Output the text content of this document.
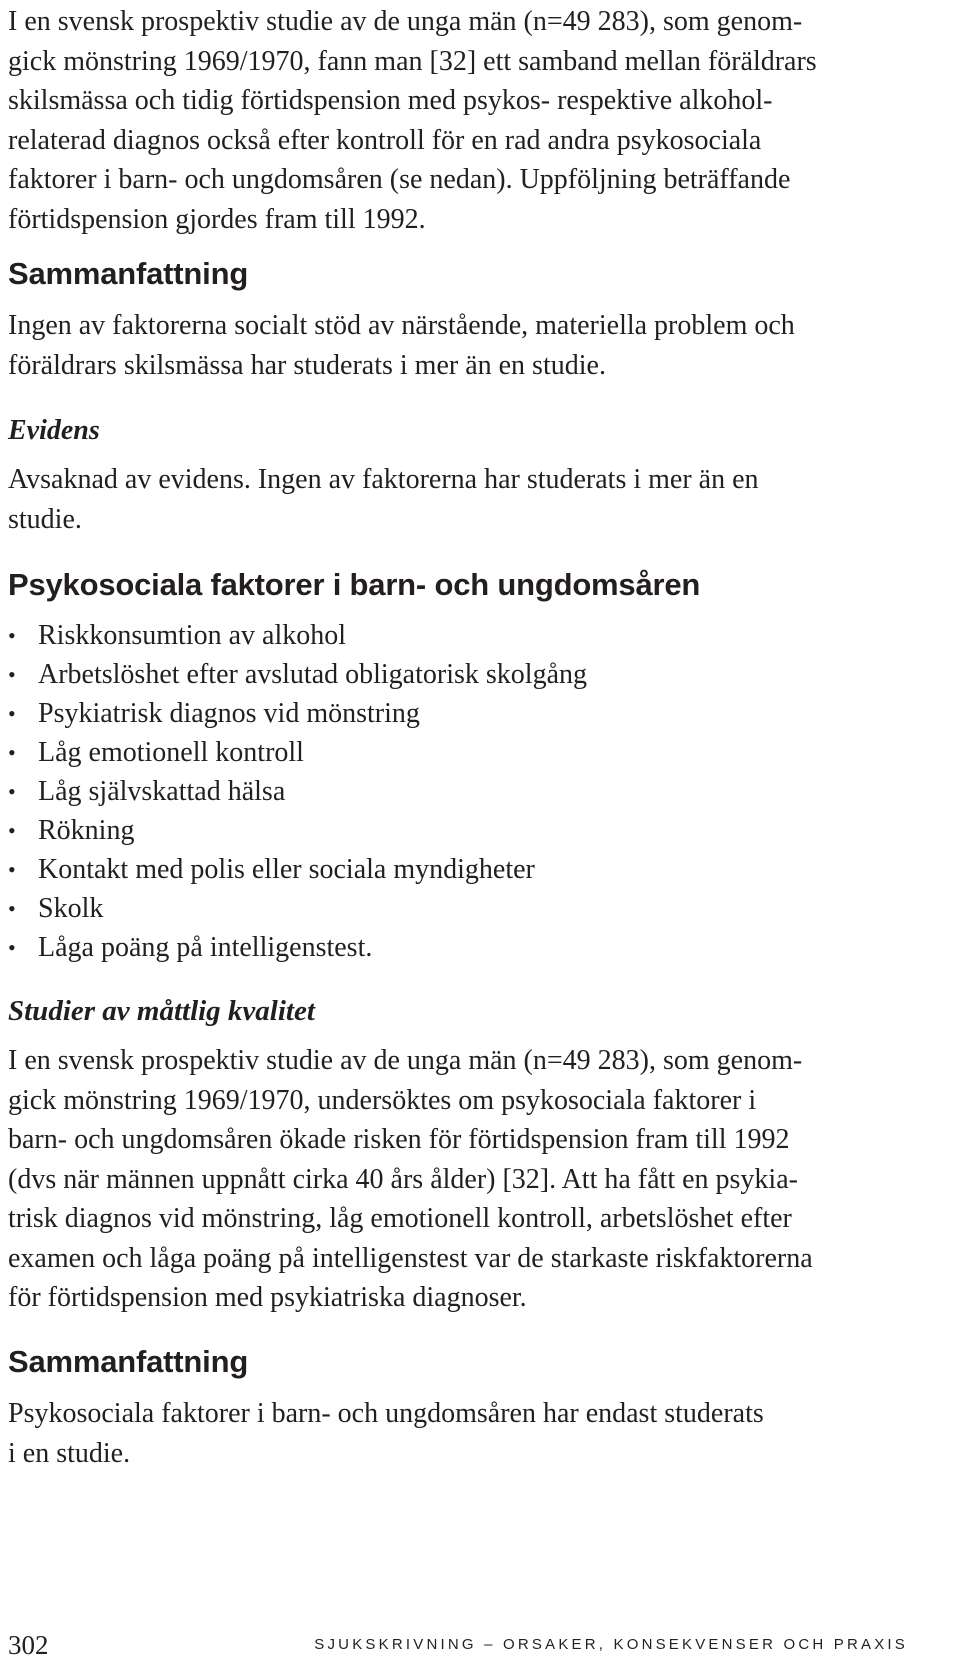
I en svensk prospektiv studie av de unga män (n=49 283), som genom-

gick mönstring 1969/1970, fann man [32] ett samband mellan föräldrars

skilsmässa och tidig förtidspension med psykos- respektive alkohol-

relaterad diagnos också efter kontroll för en rad andra psykosociala

faktorer i barn- och ungdomsåren (se nedan). Uppföljning beträffande

förtidspension gjordes fram till 1992.

Sammanfattning

Ingen av faktorerna socialt stöd av närstående, materiella problem och

föräldrars skilsmässa har studerats i mer än en studie.

Evidens

Avsaknad av evidens. Ingen av faktorerna har studerats i mer än en

studie.

Psykosociala faktorer i barn- och ungdomsåren
• Riskkonsumtion av alkohol
• Arbetslöshet efter avslutad obligatorisk skolgång
• Psykiatrisk diagnos vid mönstring
• Låg emotionell kontroll
• Låg självskattad hälsa
• Rökning
• Kontakt med polis eller sociala myndigheter
• Skolk
• Låga poäng på intelligenstest.
Studier av måttlig kvalitet

I en svensk prospektiv studie av de unga män (n=49 283), som genom-

gick mönstring 1969/1970, undersöktes om psykosociala faktorer i

barn- och ungdomsåren ökade risken för förtidspension fram till 1992

(dvs när männen uppnått cirka 40 års ålder) [32]. Att ha fått en psykia-

trisk diagnos vid mönstring, låg emotionell kontroll, arbetslöshet efter

examen och låga poäng på intelligenstest var de starkaste riskfaktorerna

för förtidspension med psykiatriska diagnoser.

Sammanfattning

Psykosociala faktorer i barn- och ungdomsåren har endast studerats

i en studie.

302	SJUKSKRIVNING – ORSAKER, KONSEKVENSER OCH PRAXIS
